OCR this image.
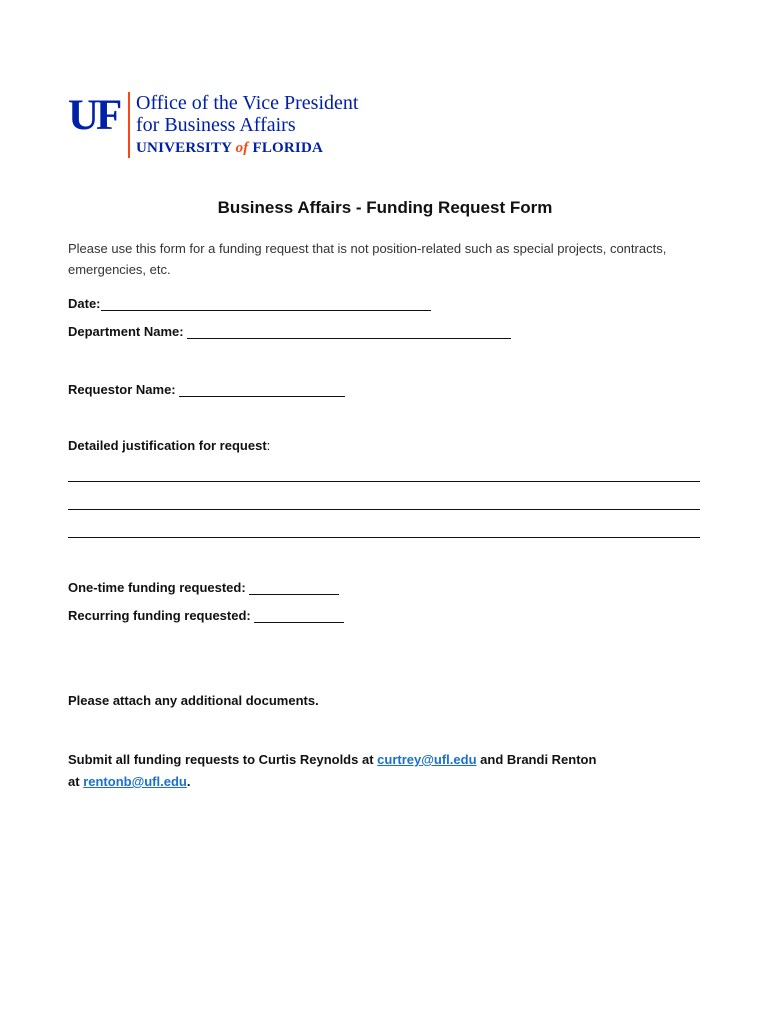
UF Office of the Vice President
for Business Affairs
UNIVERSITY of FLORIDA
Business Affairs - Funding Request Form
Please use this form for a funding request that is not position-related such as special projects, contracts, emergencies, etc.
Date:
Department Name:
Requestor Name:
Detailed justification for request :
One-time funding requested:
Recurring funding requested:
Please attach any additional documents.
Submit all funding requests to Curtis Reynolds at curtrey@ufl.edu and Brandi Renton
at rentonb@ufl.edu.
